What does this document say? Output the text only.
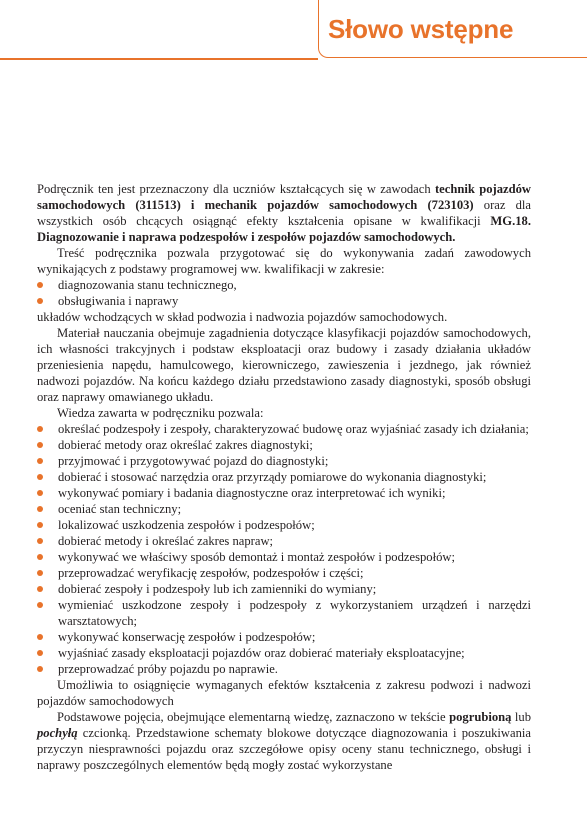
Słowo wstępne

Podręcznik ten jest przeznaczony dla uczniów kształcących się w zawodach technik pojazdów samochodowych (311513) i mechanik pojazdów samochodowych (723103) oraz dla wszystkich osób chcących osiągnąć efekty kształcenia opisane w kwalifikacji MG.18. Diagnozowanie i naprawa podzespołów i zespołów pojazdów samochodowych.

Treść podręcznika pozwala przygotować się do wykonywania zadań zawodowych wynikających z podstawy programowej ww. kwalifikacji w zakresie:

diagnozowania stanu technicznego,
obsługiwania i naprawy

układów wchodzących w skład podwozia i nadwozia pojazdów samochodowych.

Materiał nauczania obejmuje zagadnienia dotyczące klasyfikacji pojazdów samochodowych, ich własności trakcyjnych i podstaw eksploatacji oraz budowy i zasady działania układów przeniesienia napędu, hamulcowego, kierowniczego, zawieszenia i jezdnego, jak również nadwozi pojazdów. Na końcu każdego działu przedstawiono zasady diagnostyki, sposób obsługi oraz naprawy omawianego układu.

Wiedza zawarta w podręczniku pozwala:

określać podzespoły i zespoły, charakteryzować budowę oraz wyjaśniać zasady ich działania;
dobierać metody oraz określać zakres diagnostyki;
przyjmować i przygotowywać pojazd do diagnostyki;
dobierać i stosować narzędzia oraz przyrządy pomiarowe do wykonania diagnostyki;
wykonywać pomiary i badania diagnostyczne oraz interpretować ich wyniki;
oceniać stan techniczny;
lokalizować uszkodzenia zespołów i podzespołów;
dobierać metody i określać zakres napraw;
wykonywać we właściwy sposób demontaż i montaż zespołów i podzespołów;
przeprowadzać weryfikację zespołów, podzespołów i części;
dobierać zespoły i podzespoły lub ich zamienniki do wymiany;
wymieniać uszkodzone zespoły i podzespoły z wykorzystaniem urządzeń i narzędzi warsztatowych;
wykonywać konserwację zespołów i podzespołów;
wyjaśniać zasady eksploatacji pojazdów oraz dobierać materiały eksploatacyjne;
przeprowadzać próby pojazdu po naprawie.

Umożliwia to osiągnięcie wymaganych efektów kształcenia z zakresu podwozi i nadwozi pojazdów samochodowych

Podstawowe pojęcia, obejmujące elementarną wiedzę, zaznaczono w tekście pogrubioną lub pochyłą czcionką. Przedstawione schematy blokowe dotyczące diagnozowania i poszukiwania przyczyn niesprawności pojazdu oraz szczegółowe opisy oceny stanu technicznego, obsługi i naprawy poszczególnych elementów będą mogły zostać wykorzystane
